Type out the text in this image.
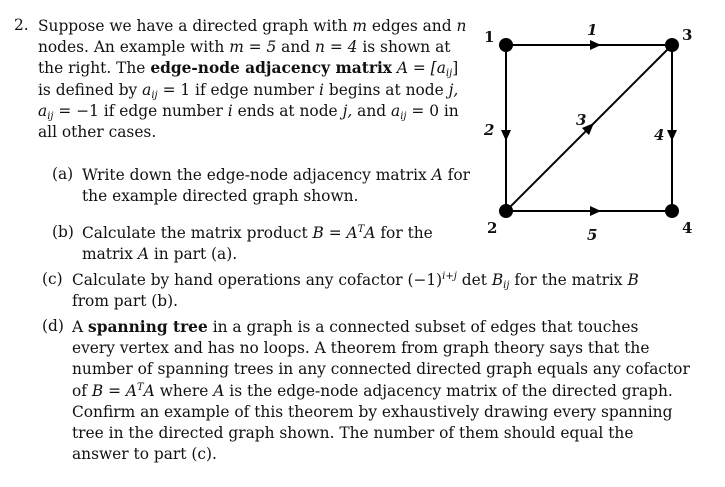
2. Suppose we have a directed graph with m edges and n
nodes. An example with m = 5 and n = 4 is shown at
the right. The edge-node adjacency matrix $A = [a_{ij}]$
is defined by $a_{ij} = 1$ if edge number i begins at node j,
$a_{ij} = -1$ if edge number i ends at node j, and $a_{ij} = 0$ in
all other cases.
(a) Write down the edge-node adjacency matrix A for
the example directed graph shown.
(b) Calculate the matrix product $B = A^TA$ for the
matrix A in part (a).
(c) Calculate by hand operations any cofactor $(-1)^{i+j}$ $\det B_{ij}$ for the matrix B
from part (b).
(d) A spanning tree in a graph is a connected subset of edges that touches
every vertex and has no loops. A theorem from graph theory says that the
number of spanning trees in any connected directed graph equals any cofactor
of $B = A^TA$ where A is the edge-node adjacency matrix of the directed graph.
Confirm an example of this theorem by exhaustively drawing every spanning
tree in the directed graph shown. The number of them should equal the
answer to part (c).
1
2
3
4
1
2
3
4
5
